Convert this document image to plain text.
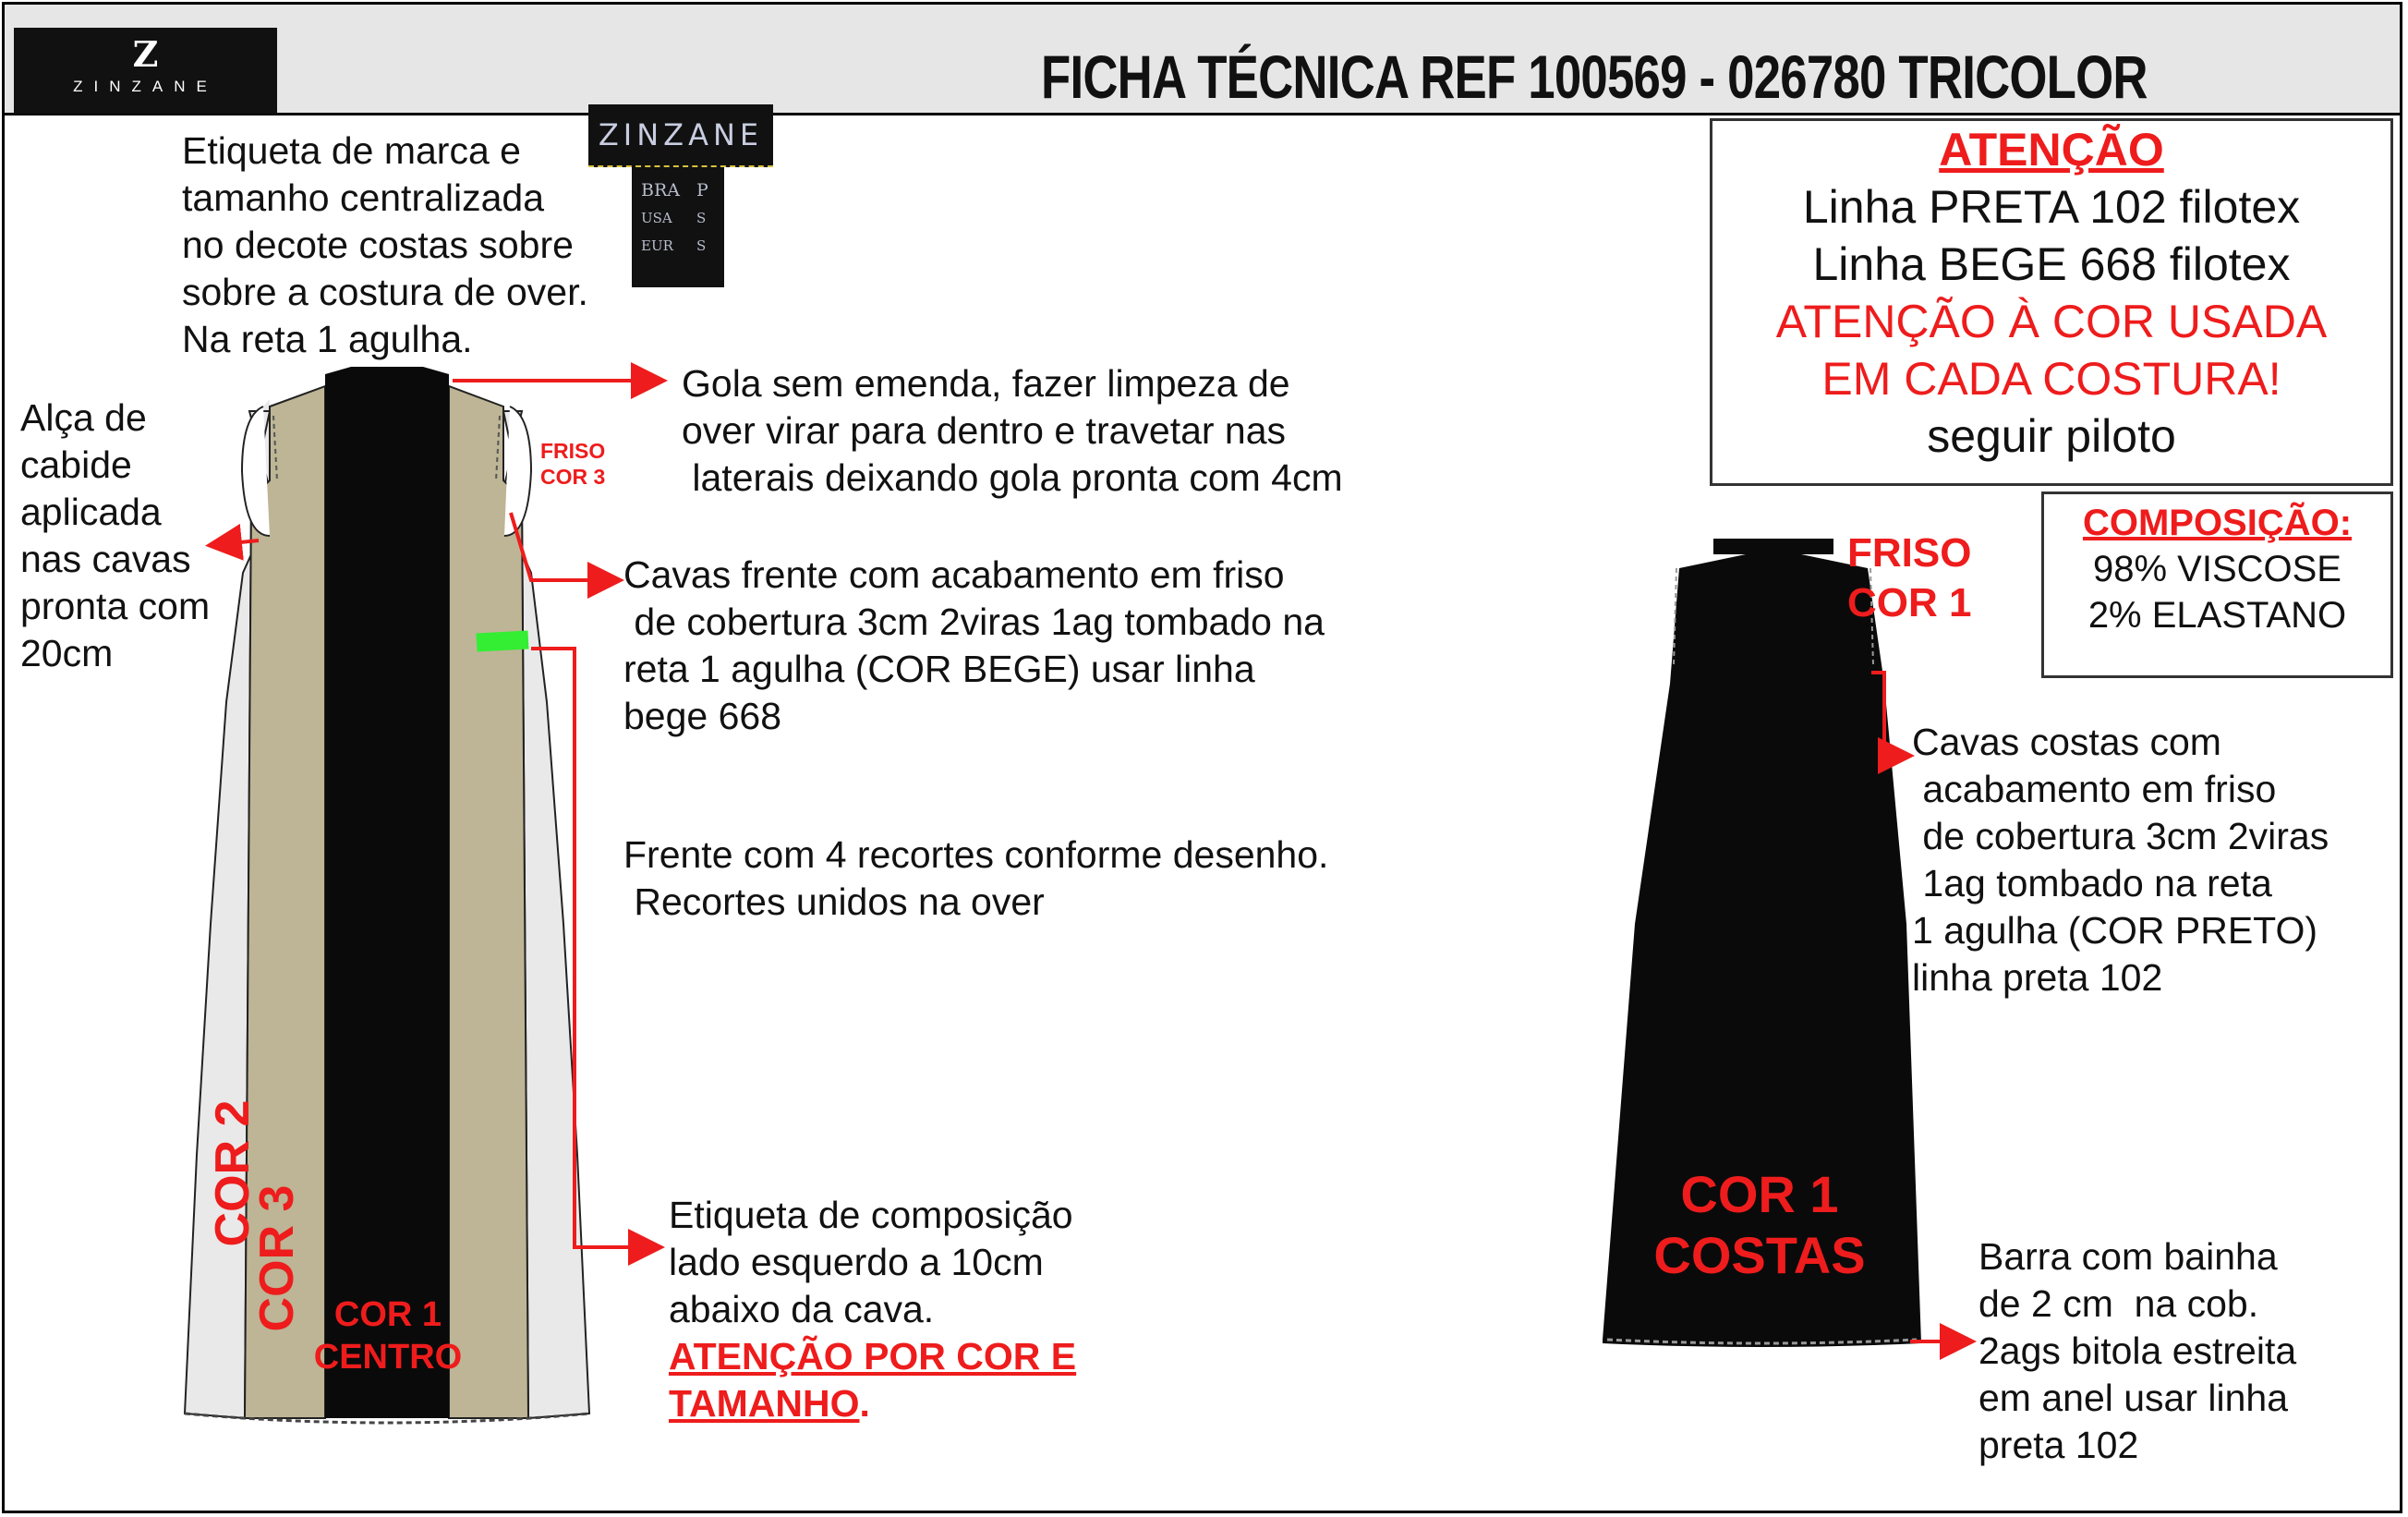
Z
ZINZANE	FICHA TÉCNICA REF 100569 - 026780 TRICOLOR
ZINZANE
BRA
USA
EUR
P
S
S
Etiqueta de marca e
tamanho centralizada
no decote costas sobre
sobre a costura de over.
Na reta 1 agulha.
Alça de
cabide
aplicada
nas cavas
pronta com
20cm
Gola sem emenda, fazer limpeza de
over virar para dentro e travetar nas
laterais deixando gola pronta com 4cm
Cavas frente com acabamento em friso
de cobertura 3cm 2viras 1ag tombado na
reta 1 agulha (COR BEGE) usar linha
bege 668
Frente com 4 recortes conforme desenho.
Recortes unidos na over
Etiqueta de composição
lado esquerdo a 10cm
abaixo da cava.
ATENÇÃO POR COR E
TAMANHO.
Cavas costas com
acabamento em friso
de cobertura 3cm 2viras
1ag tombado na reta
1 agulha (COR PRETO)
linha preta 102
Barra com bainha
de 2 cm  na cob.
2ags bitola estreita
em anel usar linha
preta 102
ATENÇÃO
Linha PRETA 102 filotex
Linha BEGE 668 filotex
ATENÇÃO À COR USADA
EM CADA COSTURA!
seguir piloto
COMPOSIÇÃO:
98% VISCOSE
2% ELASTANO
FRISO
COR 3
FRISO
COR 1
COR 2
COR 3 COR 1
CENTRO
COR 1
COSTAS
